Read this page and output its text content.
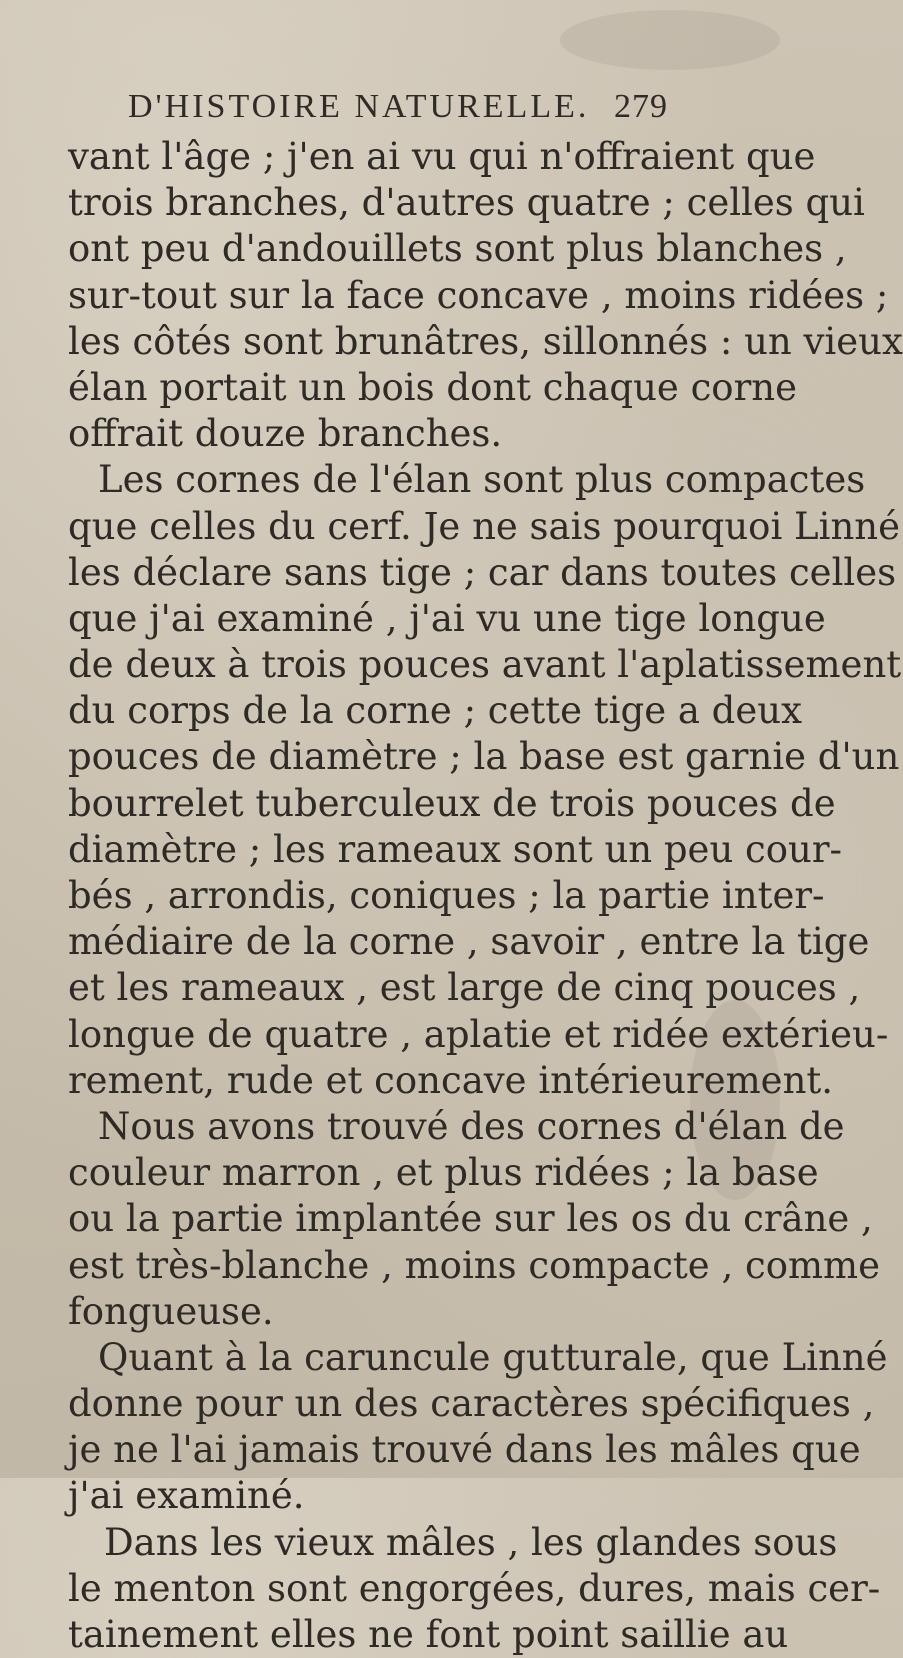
D'HISTOIRE NATURELLE. 279
vant l'âge ; j'en ai vu qui n'offraient que
trois branches, d'autres quatre ; celles qui
ont peu d'andouillets sont plus blanches ,
sur-tout sur la face concave , moins ridées ;
les côtés sont brunâtres, sillonnés : un vieux
élan portait un bois dont chaque corne
offrait douze branches.
Les cornes de l'élan sont plus compactes
que celles du cerf. Je ne sais pourquoi Linné
les déclare sans tige ; car dans toutes celles
que j'ai examiné , j'ai vu une tige longue
de deux à trois pouces avant l'aplatissement
du corps de la corne ; cette tige a deux
pouces de diamètre ; la base est garnie d'un
bourrelet tuberculeux de trois pouces de
diamètre ; les rameaux sont un peu cour-
bés , arrondis, coniques ; la partie inter-
médiaire de la corne , savoir , entre la tige
et les rameaux , est large de cinq pouces ,
longue de quatre , aplatie et ridée extérieu-
rement, rude et concave intérieurement.
Nous avons trouvé des cornes d'élan de
couleur marron , et plus ridées ; la base
ou la partie implantée sur les os du crâne ,
est très-blanche , moins compacte , comme
fongueuse.
Quant à la caruncule gutturale, que Linné
donne pour un des caractères spécifiques ,
je ne l'ai jamais trouvé dans les mâles que
j'ai examiné.
Dans les vieux mâles , les glandes sous
le menton sont engorgées, dures, mais cer-
tainement elles ne font point saillie au
